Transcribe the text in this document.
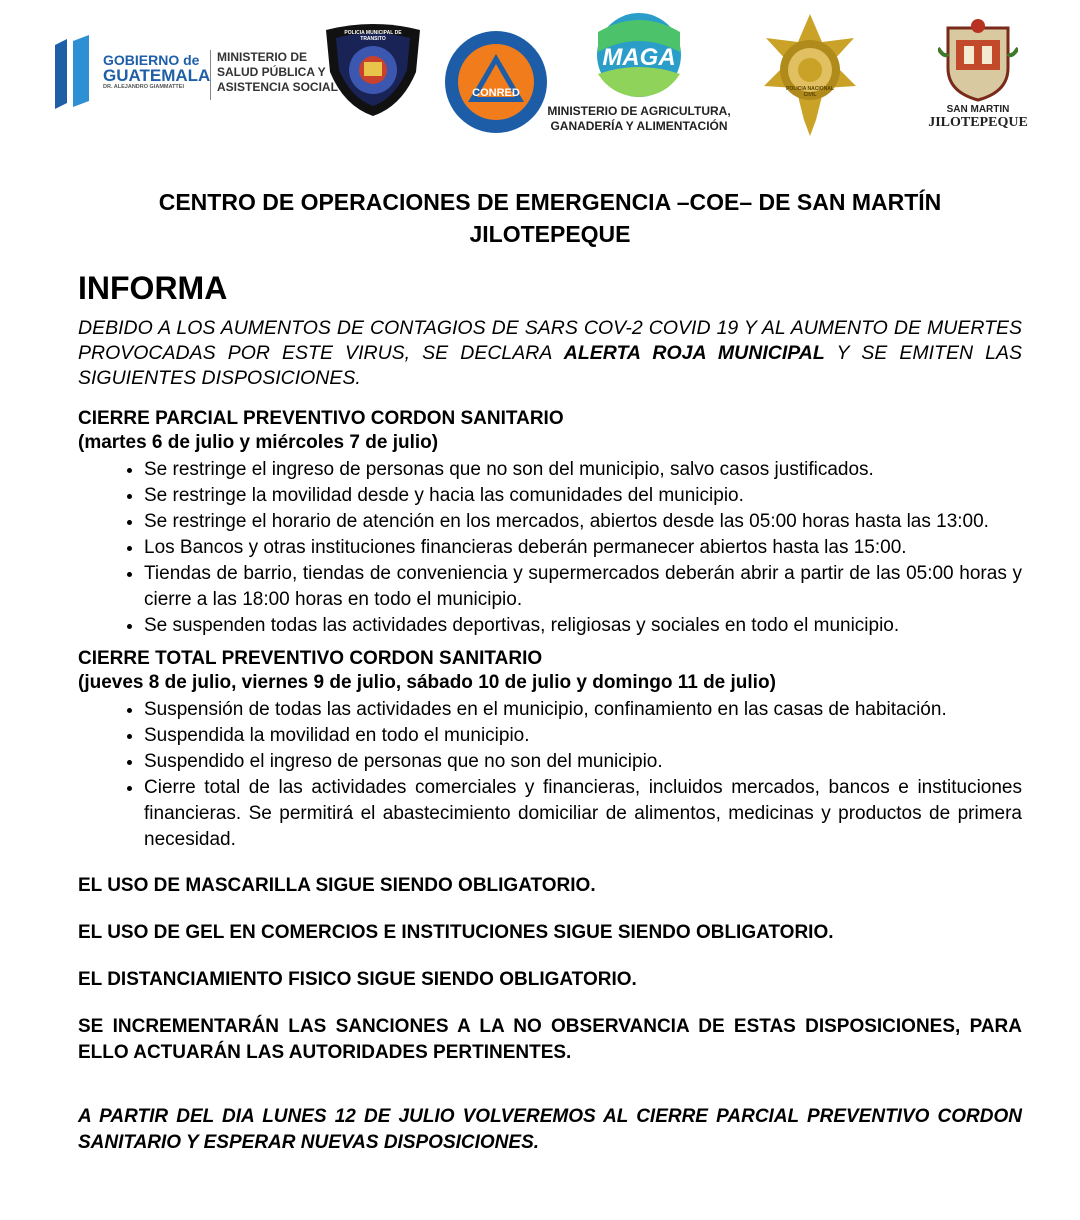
GOBIERNO de
GUATEMALA
DR. ALEJANDRO GIAMMATTEI
MINISTERIO DE
SALUD PÚBLICA Y
ASISTENCIA SOCIAL
POLICIA MUNICIPAL DE TRANSITO
CONRED
MAGA
MINISTERIO DE AGRICULTURA,
GANADERÍA Y ALIMENTACIÓN
POLICIA NACIONAL CIVIL
SAN MARTIN
JILOTEPEQUE

CENTRO DE OPERACIONES DE EMERGENCIA –COE– DE SAN MARTÍN
JILOTEPEQUE

INFORMA

DEBIDO A LOS AUMENTOS DE CONTAGIOS DE SARS COV-2 COVID 19 Y AL AUMENTO DE MUERTES PROVOCADAS POR ESTE VIRUS, SE DECLARA ALERTA ROJA MUNICIPAL Y SE EMITEN LAS SIGUIENTES DISPOSICIONES.

CIERRE PARCIAL PREVENTIVO CORDON SANITARIO

(martes 6 de julio y miércoles 7 de julio)

• Se restringe el ingreso de personas que no son del municipio, salvo casos justificados.
• Se restringe la movilidad desde y hacia las comunidades del municipio.
• Se restringe el horario de atención en los mercados, abiertos desde las 05:00 horas hasta las 13:00.
• Los Bancos y otras instituciones financieras deberán permanecer abiertos hasta las 15:00.
• Tiendas de barrio, tiendas de conveniencia y supermercados deberán abrir a partir de las 05:00 horas y cierre a las 18:00 horas en todo el municipio.
• Se suspenden todas las actividades deportivas, religiosas y sociales en todo el municipio.

CIERRE TOTAL PREVENTIVO CORDON SANITARIO

(jueves 8 de julio, viernes 9 de julio, sábado 10 de julio y domingo 11 de julio)

• Suspensión de todas las actividades en el municipio, confinamiento en las casas de habitación.
• Suspendida la movilidad en todo el municipio.
• Suspendido el ingreso de personas que no son del municipio.
• Cierre total de las actividades comerciales y financieras, incluidos mercados, bancos e instituciones financieras. Se permitirá el abastecimiento domiciliar de alimentos, medicinas y productos de primera necesidad.

EL USO DE MASCARILLA SIGUE SIENDO OBLIGATORIO.

EL USO DE GEL EN COMERCIOS E INSTITUCIONES SIGUE SIENDO OBLIGATORIO.

EL DISTANCIAMIENTO FISICO SIGUE SIENDO OBLIGATORIO.

SE INCREMENTARÁN LAS SANCIONES A LA NO OBSERVANCIA DE ESTAS DISPOSICIONES, PARA ELLO ACTUARÁN LAS AUTORIDADES PERTINENTES.

A PARTIR DEL DIA LUNES 12 DE JULIO VOLVEREMOS AL CIERRE PARCIAL PREVENTIVO CORDON SANITARIO Y ESPERAR NUEVAS DISPOSICIONES.
